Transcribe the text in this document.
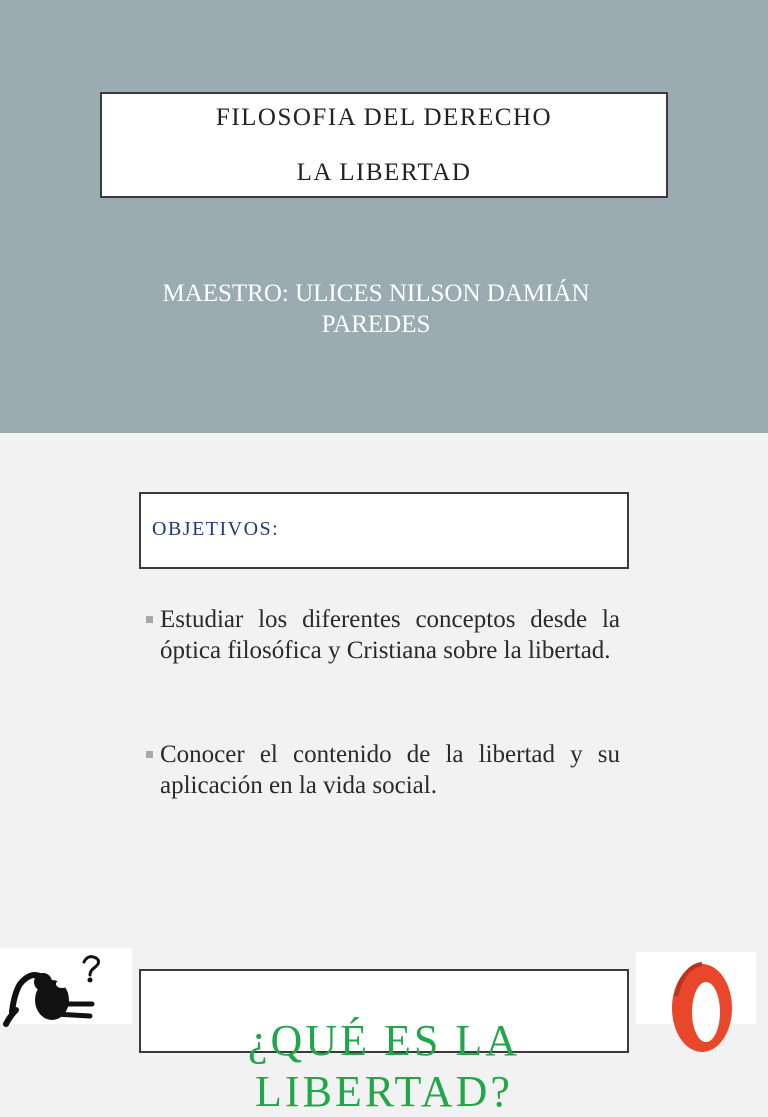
FILOSOFIA DEL DERECHO
LA LIBERTAD
MAESTRO: ULICES NILSON DAMIÁN
PAREDES
OBJETIVOS:
Estudiar los diferentes conceptos desde la óptica filosófica y Cristiana sobre la libertad.
Conocer el contenido de la libertad y su aplicación en la vida social.
¿QUÉ ES LA LIBERTAD?
